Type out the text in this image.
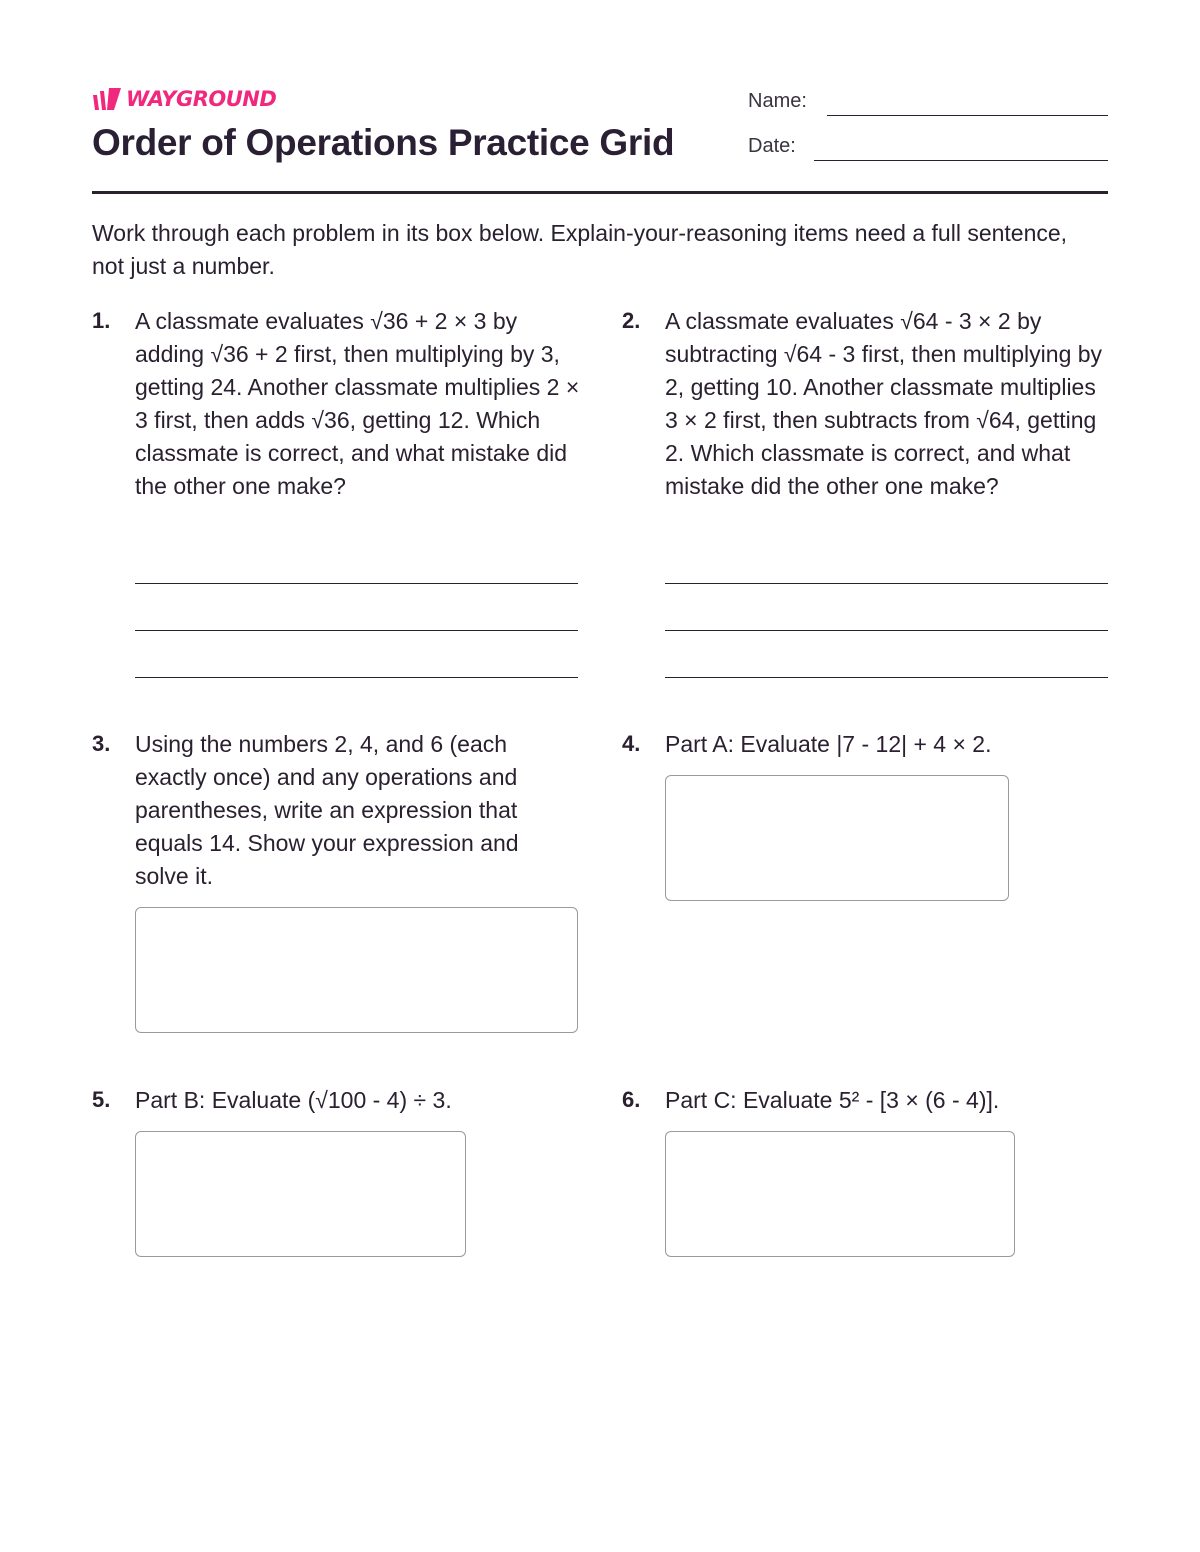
WAYGROUND
Order of Operations Practice Grid
Name:
Date:
Work through each problem in its box below. Explain-your-reasoning items need a full sentence, not just a number.
1. A classmate evaluates √36 + 2 × 3 by adding √36 + 2 first, then multiplying by 3, getting 24. Another classmate multiplies 2 × 3 first, then adds √36, getting 12. Which classmate is correct, and what mistake did the other one make?
2. A classmate evaluates √64 - 3 × 2 by subtracting √64 - 3 first, then multiplying by 2, getting 10. Another classmate multiplies 3 × 2 first, then subtracts from √64, getting 2. Which classmate is correct, and what mistake did the other one make?
3. Using the numbers 2, 4, and 6 (each exactly once) and any operations and parentheses, write an expression that equals 14. Show your expression and solve it.
4. Part A: Evaluate |7 - 12| + 4 × 2.
5. Part B: Evaluate (√100 - 4) ÷ 3.	6. Part C: Evaluate 5² - [3 × (6 - 4)].
